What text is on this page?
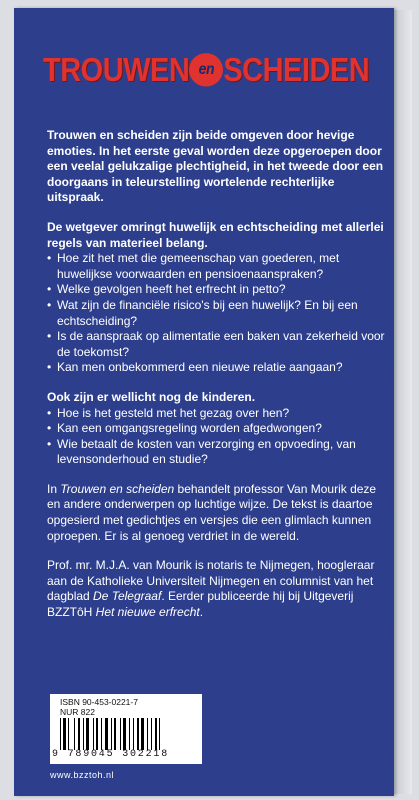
TROUWEN en SCHEIDEN

Trouwen en scheiden zijn beide omgeven door hevige emoties. In het eerste geval worden deze opgeroepen door een veelal gelukzalige plechtigheid, in het tweede door een doorgaans in teleurstelling wortelende rechterlijke uitspraak.

De wetgever omringt huwelijk en echtscheiding met allerlei regels van materieel belang.

• Hoe zit het met die gemeenschap van goederen, met huwelijkse voorwaarden en pensioenaanspraken?
• Welke gevolgen heeft het erfrecht in petto?
• Wat zijn de financiële risico's bij een huwelijk? En bij een echtscheiding?
• Is de aanspraak op alimentatie een baken van zekerheid voor de toekomst?
• Kan men onbekommerd een nieuwe relatie aangaan?

Ook zijn er wellicht nog de kinderen.

• Hoe is het gesteld met het gezag over hen?
• Kan een omgangsregeling worden afgedwongen?
• Wie betaalt de kosten van verzorging en opvoeding, van levensonderhoud en studie?

In Trouwen en scheiden behandelt professor Van Mourik deze en andere onderwerpen op luchtige wijze. De tekst is daartoe opgesierd met gedichtjes en versjes die een glimlach kunnen oproepen. Er is al genoeg verdriet in de wereld.

Prof. mr. M.J.A. van Mourik is notaris te Nijmegen, hoogleraar aan de Katholieke Universiteit Nijmegen en columnist van het dagblad De Telegraaf. Eerder publiceerde hij bij Uitgeverij BZZTôH Het nieuwe erfrecht.

ISBN 90-453-0221-7
NUR 822
9 789045 302218
www.bzztoh.nl
